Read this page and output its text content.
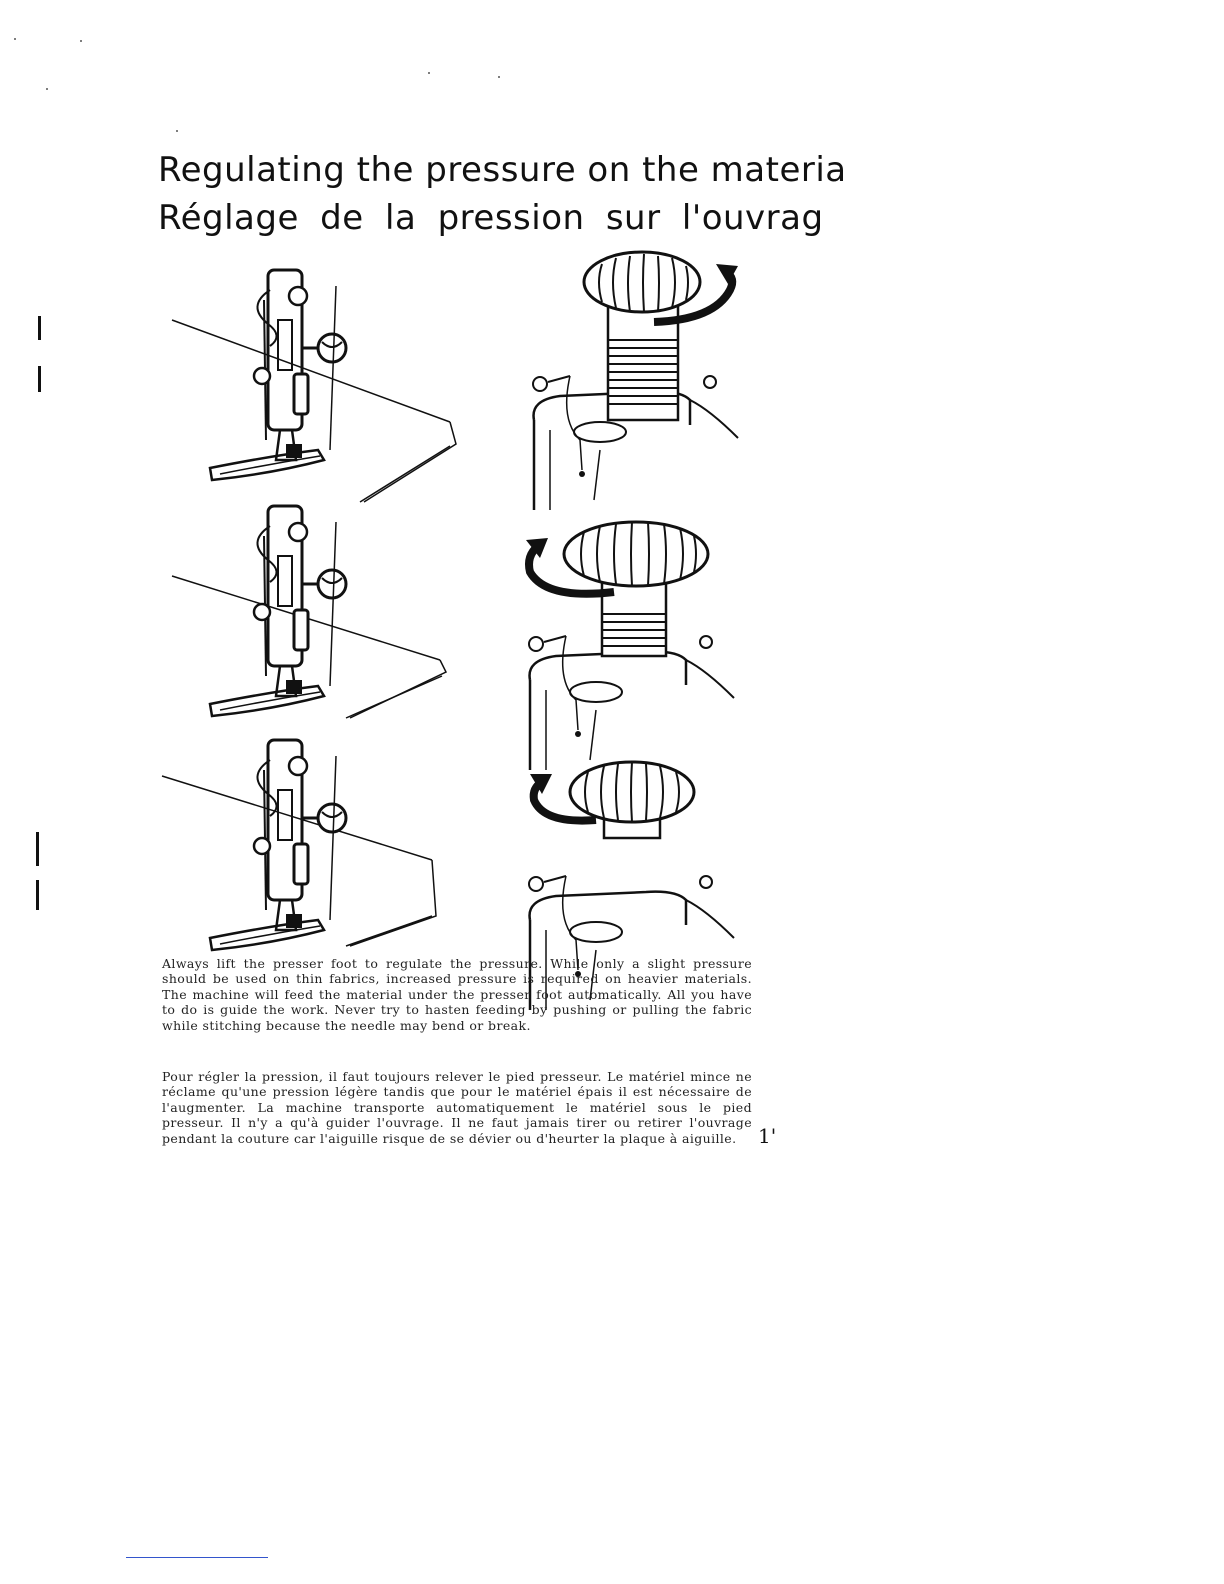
Regulating the pressure on the materia
Réglage de la pression sur l'ouvrag

Always lift the presser foot to regulate the pressure. While only a slight pressure should be used on thin fabrics, increased pressure is required on heavier materials. The machine will feed the material under the presser foot automatically. All you have to do is guide the work. Never try to hasten feeding by pushing or pulling the fabric while stitching because the needle may bend or break.

Pour régler la pression, il faut toujours relever le pied presseur. Le matériel mince ne réclame qu'une pression légère tandis que pour le matériel épais il est nécessaire de l'augmenter. La machine transporte automatiquement le matériel sous le pied presseur. Il n'y a qu'à guider l'ouvrage. Il ne faut jamais tirer ou retirer l'ouvrage pendant la couture car l'aiguille risque de se dévier ou d'heurter la plaque à aiguille.	1'
